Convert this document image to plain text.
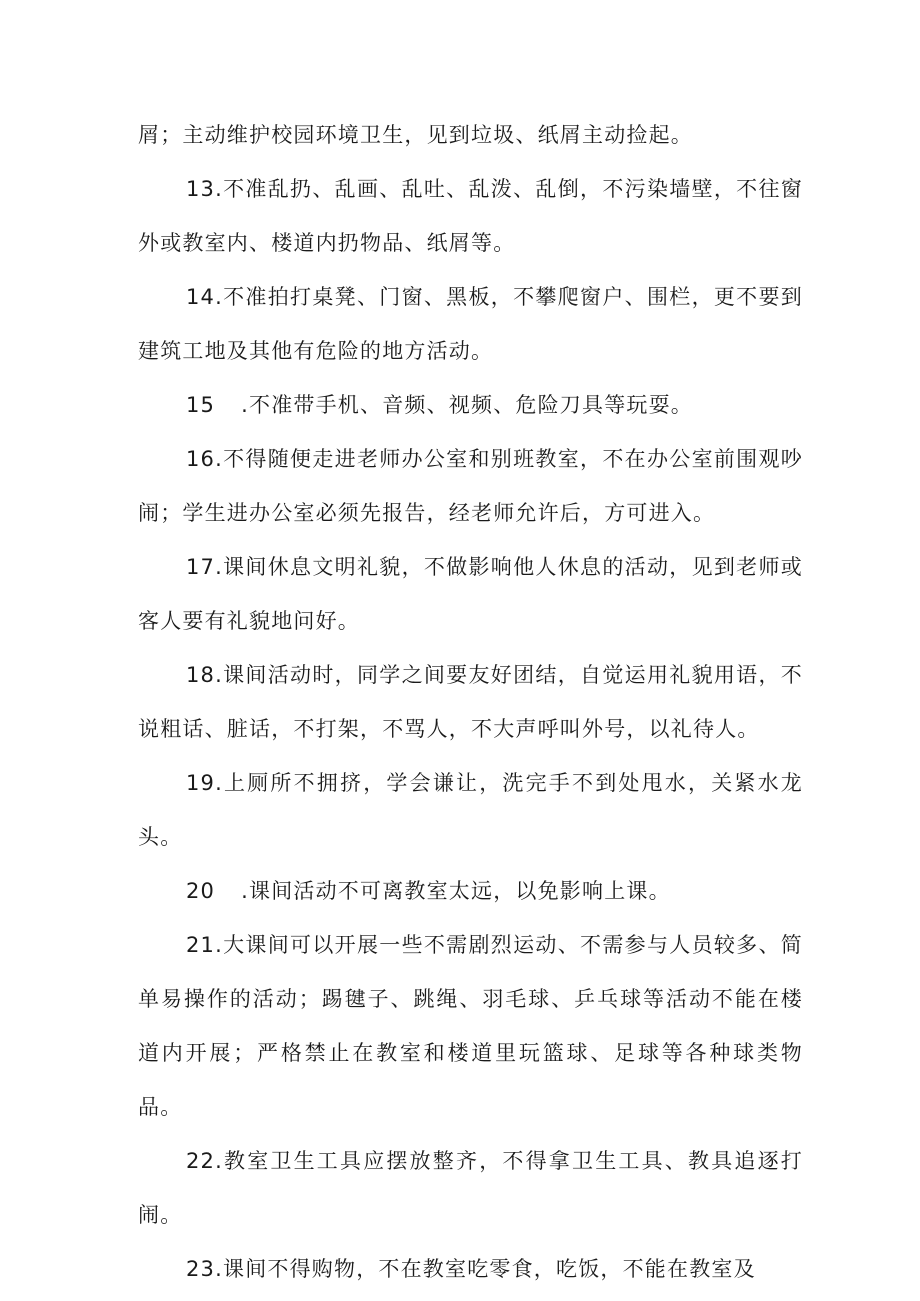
屑；主动维护校园环境卫生，见到垃圾、纸屑主动捡起。

13.不准乱扔、乱画、乱吐、乱泼、乱倒，不污染墙壁，不往窗外或教室内、楼道内扔物品、纸屑等。

14.不准拍打桌凳、门窗、黑板，不攀爬窗户、围栏，更不要到建筑工地及其他有危险的地方活动。

15 .不准带手机、音频、视频、危险刀具等玩耍。

16.不得随便走进老师办公室和别班教室，不在办公室前围观吵闹；学生进办公室必须先报告，经老师允许后，方可进入。

17.课间休息文明礼貌，不做影响他人休息的活动，见到老师或客人要有礼貌地问好。

18.课间活动时，同学之间要友好团结，自觉运用礼貌用语，不说粗话、脏话，不打架，不骂人，不大声呼叫外号，以礼待人。

19.上厕所不拥挤，学会谦让，洗完手不到处甩水，关紧水龙头。

20 .课间活动不可离教室太远，以免影响上课。

21.大课间可以开展一些不需剧烈运动、不需参与人员较多、简单易操作的活动；踢毽子、跳绳、羽毛球、乒乓球等活动不能在楼道内开展；严格禁止在教室和楼道里玩篮球、足球等各种球类物品。

22.教室卫生工具应摆放整齐，不得拿卫生工具、教具追逐打闹。

23.课间不得购物，不在教室吃零食，吃饭，不能在教室及
